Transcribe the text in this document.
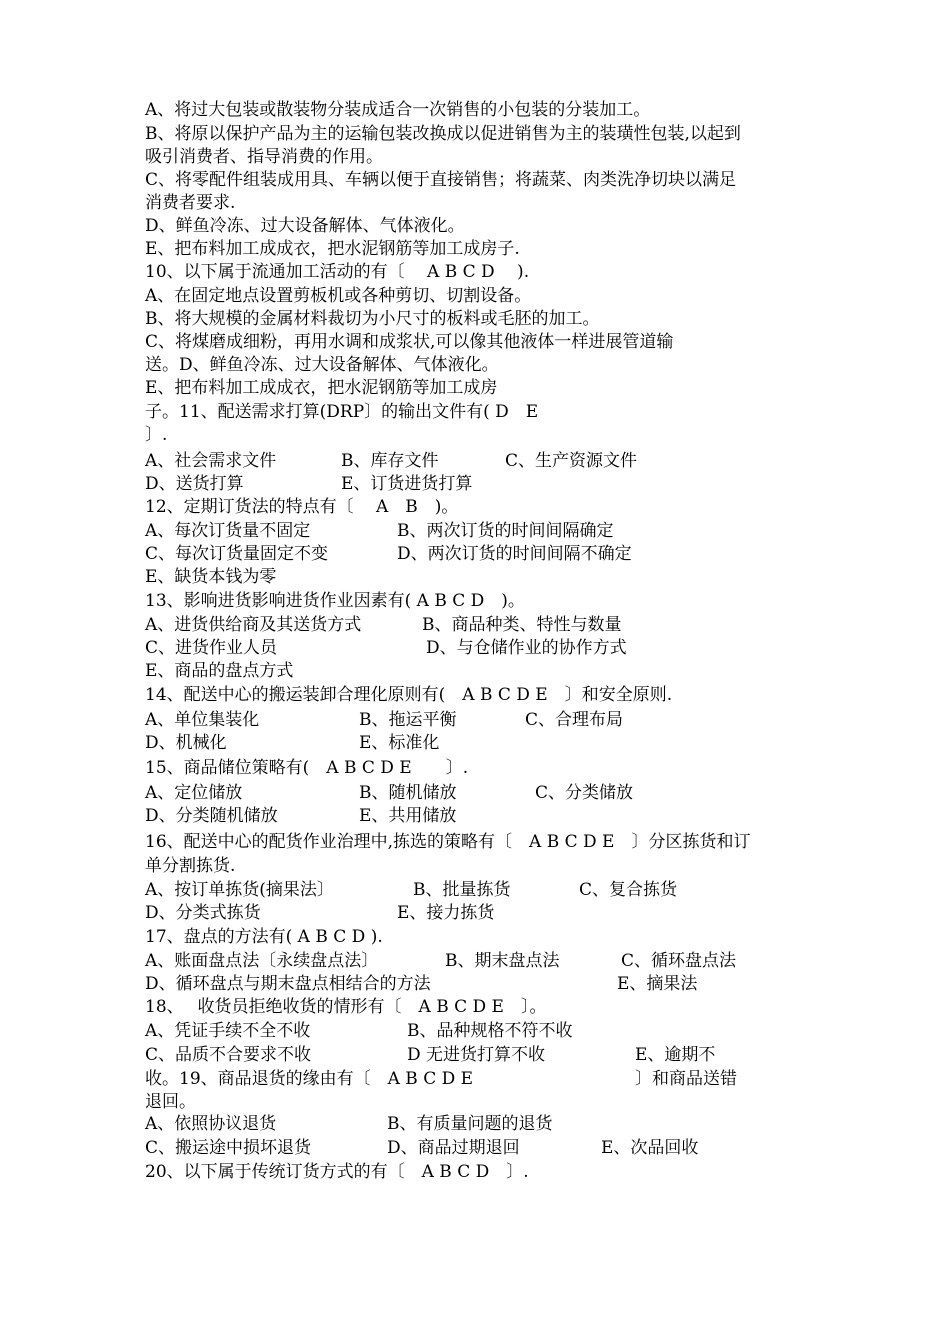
A、将过大包装或散装物分装成适合一次销售的小包装的分装加工。
B、将原以保护产品为主的运输包装改换成以促进销售为主的装璜性包装,以起到
吸引消费者、指导消费的作用。
C、将零配件组装成用具、车辆以便于直接销售；将蔬菜、肉类洗净切块以满足
消费者要求.
D、鲜鱼冷冻、过大设备解体、气体液化。
E、把布料加工成成衣，把水泥钢筋等加工成房子.
10、以下属于流通加工活动的有〔　 A B C D　 ).
A、在固定地点设置剪板机或各种剪切、切割设备。
B、将大规模的金属材料裁切为小尺寸的板料或毛胚的加工。
C、将煤磨成细粉，再用水调和成浆状,可以像其他液体一样进展管道输
送。D、鲜鱼冷冻、过大设备解体、气体液化。
E、把布料加工成成衣，把水泥钢筋等加工成房
子。11、配送需求打算(DRP〕的输出文件有( D　E
〕.
A、社会需求文件	B、库存文件	C、生产资源文件
D、送货打算	E、订货进货打算
12、定期订货法的特点有〔　 A　B　)。
A、每次订货量不固定	B、两次订货的时间间隔确定
C、每次订货量固定不变	D、两次订货的时间间隔不确定
E、缺货本钱为零
13、影响进货影响进货作业因素有( A B C D　)。
A、进货供给商及其送货方式	B、商品种类、特性与数量
C、进货作业人员	D、与仓储作业的协作方式
E、商品的盘点方式
14、配送中心的搬运装卸合理化原则有(　A B C D E　〕和安全原则.
A、单位集装化	B、拖运平衡	C、合理布局
D、机械化	E、标准化
15、商品储位策略有(　A B C D E　　〕.
A、定位储放	B、随机储放	C、分类储放
D、分类随机储放	E、共用储放
16、配送中心的配货作业治理中,拣选的策略有〔　A B C D E　〕分区拣货和订
单分割拣货.
A、按订单拣货(摘果法〕	B、批量拣货	C、复合拣货
D、分类式拣货	E、接力拣货
17、盘点的方法有( A B C D ).
A、账面盘点法〔永续盘点法〕	B、期末盘点法	C、循环盘点法
D、循环盘点与期末盘点相结合的方法	E、摘果法
18、　 收货员拒绝收货的情形有〔　A B C D E　〕。
A、凭证手续不全不收	B、品种规格不符不收
C、品质不合要求不收	D 无进货打算不收	E、逾期不
收。19、商品退货的缘由有〔　A B C D E	〕和商品送错
退回。
A、依照协议退货	B、有质量问题的退货
C、搬运途中损坏退货	D、商品过期退回	E、次品回收
20、以下属于传统订货方式的有〔　A B C D　〕.
